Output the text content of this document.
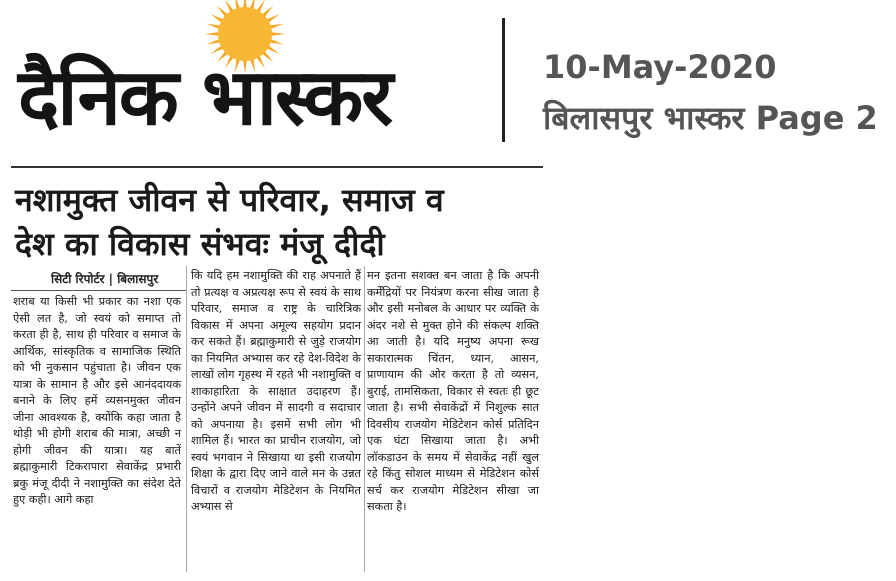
दैनिक भास्कर	10-May-2020
बिलासपुर भास्कर Page 2
नशामुक्त जीवन से परिवार, समाज व
देश का विकास संभवः मंजू दीदी
सिटी रिपोर्टर | बिलासपुर

शराब या किसी भी प्रकार का नशा एक ऐसी लत है, जो स्वयं को समाप्त तो करता ही है, साथ ही परिवार व समाज के आर्थिक, सांस्कृतिक व सामाजिक स्थिति को भी नुकसान पहुंचाता है। जीवन एक यात्रा के सामान है और इसे आनंददायक बनाने के लिए हमें व्यसनमुक्त जीवन जीना आवश्यक है, क्योंकि कहा जाता है थोड़ी भी होगी शराब की मात्रा, अच्छी न होगी जीवन की यात्रा। यह बातें ब्रह्माकुमारी टिकरापारा सेवाकेंद्र प्रभारी ब्रकु मंजू दीदी ने नशामुक्ति का संदेश देते हुए कही। आगे कहा

कि यदि हम नशामुक्ति की राह अपनाते हैं तो प्रत्यक्ष व अप्रत्यक्ष रूप से स्वयं के साथ परिवार, समाज व राष्ट्र के चारित्रिक विकास में अपना अमूल्य सहयोग प्रदान कर सकते हैं। ब्रह्माकुमारी से जुड़े राजयोग का नियमित अभ्यास कर रहे देश-विदेश के लाखों लोग गृहस्थ में रहते भी नशामुक्ति व शाकाहारिता के साक्षात उदाहरण हैं। उन्होंने अपने जीवन में सादगी व सदाचार को अपनाया है। इसमें सभी लोग भी शामिल हैं। भारत का प्राचीन राजयोग, जो स्वयं भगवान ने सिखाया था इसी राजयोग शिक्षा के द्वारा दिए जाने वाले मन के उन्नत विचारों व राजयोग मेडिटेशन के नियमित अभ्यास से

मन इतना सशक्त बन जाता है कि अपनी कर्मेंद्रियों पर नियंत्रण करना सीख जाता है और इसी मनोबल के आधार पर व्यक्ति के अंदर नशे से मुक्त होने की संकल्प शक्ति आ जाती है। यदि मनुष्य अपना रूख सकारात्मक चिंतन, ध्यान, आसन, प्राणायाम की ओर करता है तो व्यसन, बुराई, तामसिकता, विकार से स्वतः ही छूट जाता है। सभी सेवाकेंद्रों में निशुल्क सात दिवसीय राजयोग मेडिटेशन कोर्स प्रतिदिन एक घंटा सिखाया जाता है। अभी लॉकडाउन के समय में सेवाकेंद्र नहीं खुल रहे किंतु सोशल माध्यम से मेडिटेशन कोर्स सर्च कर राजयोग मेडिटेशन सीखा जा सकता है।
